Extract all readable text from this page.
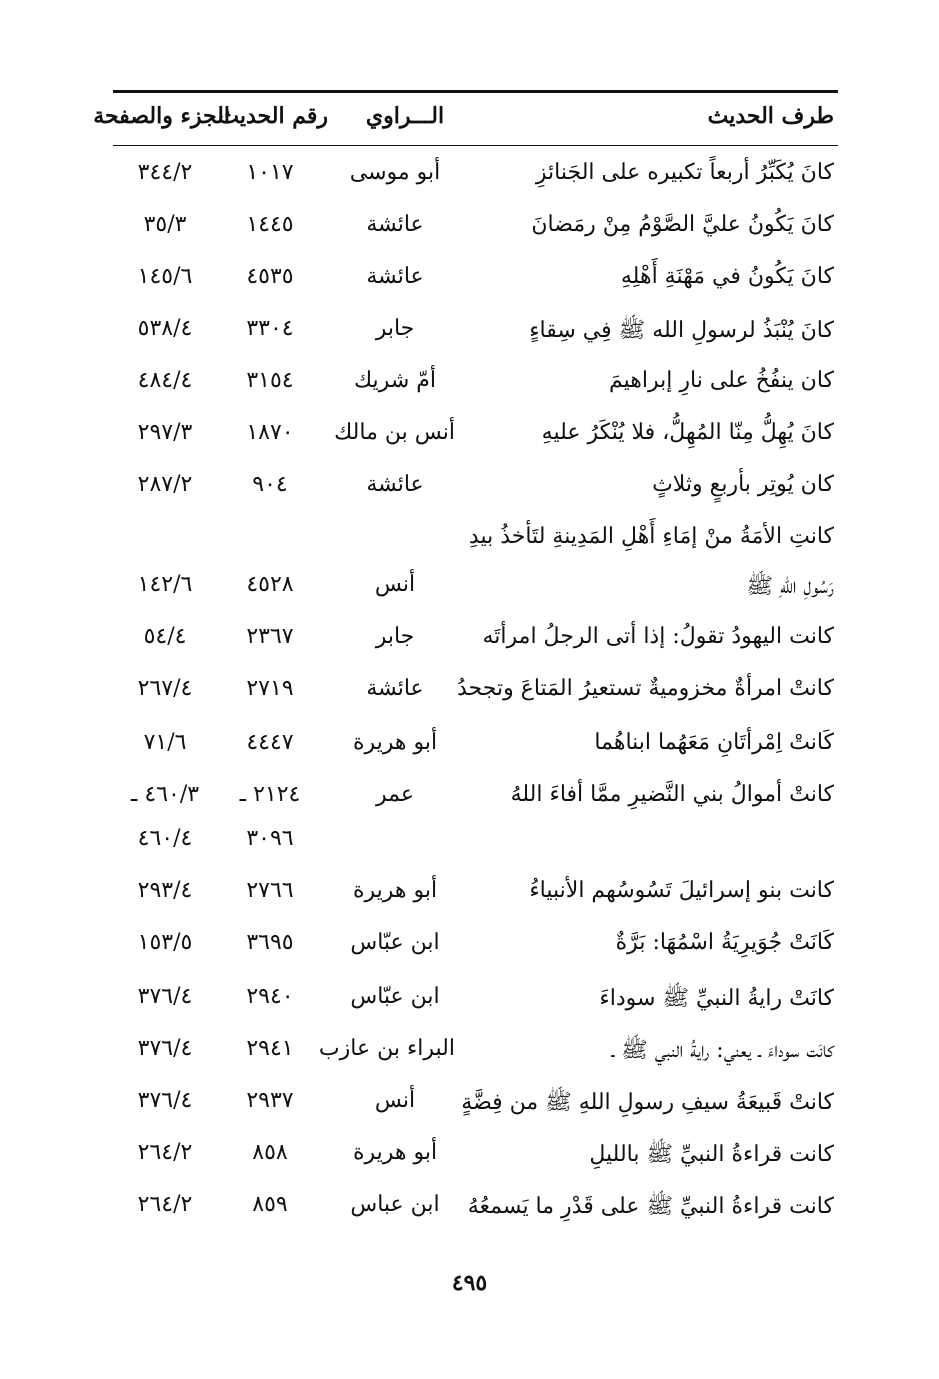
طرف الحديث
الـــراوي
رقم الحديث
الجزء والصفحة
كانَ يُكَبِّرُ أربعاً تكبيره على الجَنائزِ
أبو موسى
١٠١٧
٣٤٤/٢
كانَ يَكُونُ عليَّ الصَّوْمُ مِنْ رمَضانَ
عائشة
١٤٤٥
٣٥/٣
كانَ يَكُونُ في مَهْنَةِ أَهْلِهِ
عائشة
٤٥٣٥
١٤٥/٦
كانَ يُنْبَذُ لرسولِ الله ﷺ فِي سِقاءٍ
جابر
٣٣٠٤
٥٣٨/٤
كان ينفُخُ على نارِ إبراهيمَ
أمّ شريك
٣١٥٤
٤٨٤/٤
كانَ يُهِلُّ مِنّا المُهِلُّ، فلا يُنْكَرُ عليهِ
أنس بن مالك
١٨٧٠
٢٩٧/٣
كان يُوتِر بأربعٍ وثلاثٍ
عائشة
٩٠٤
٢٨٧/٢
كانتِ الأمَةُ منْ إمَاءِ أَهْلِ المَدِينةِ لتَأخذُ بيدِ
رَسُولِ اللهِ ﷺ
أنس
٤٥٢٨
١٤٢/٦
كانت اليهودُ تقولُ: إذا أتى الرجلُ امرأتَه
جابر
٢٣٦٧
٥٤/٤
كانتْ امرأةٌ مخزوميةٌ تستعيرُ المَتاعَ وتجحدُ
عائشة
٢٧١٩
٢٦٧/٤
كَانتْ اِمْرأتَانِ مَعَهُما ابناهُما
أبو هريرة
٤٤٤٧
٧١/٦
كانتْ أموالُ بني النَّضيرِ ممَّا أفاءَ اللهُ
عمر
٢١٢٤ ـ
٤٦٠/٣ ـ
٣٠٩٦
٤٦٠/٤
كانت بنو إسرائيلَ تَسُوسُهم الأنبياءُ
أبو هريرة
٢٧٦٦
٢٩٣/٤
كَانَتْ جُوَيرِيَةُ اسْمُهَا: بَرَّةٌ
ابن عبّاس
٣٦٩٥
١٥٣/٥
كانَتْ رايةُ النبيِّ ﷺ سوداءَ
ابن عبّاس
٢٩٤٠
٣٧٦/٤
كانَت سوداءَ ـ يعني: رايةُ النبي ﷺ ـ
البراء بن عازب
٢٩٤١
٣٧٦/٤
كانتْ قَبيعَةُ سيفِ رسولِ اللهِ ﷺ من فِضَّةٍ
أنس
٢٩٣٧
٣٧٦/٤
كانت قراءةُ النبيِّ ﷺ بالليلِ
أبو هريرة
٨٥٨
٢٦٤/٢
كانت قراءةُ النبيِّ ﷺ على قَدْرِ ما يَسمعُهُ
ابن عباس
٨٥٩
٢٦٤/٢
٤٩٥
